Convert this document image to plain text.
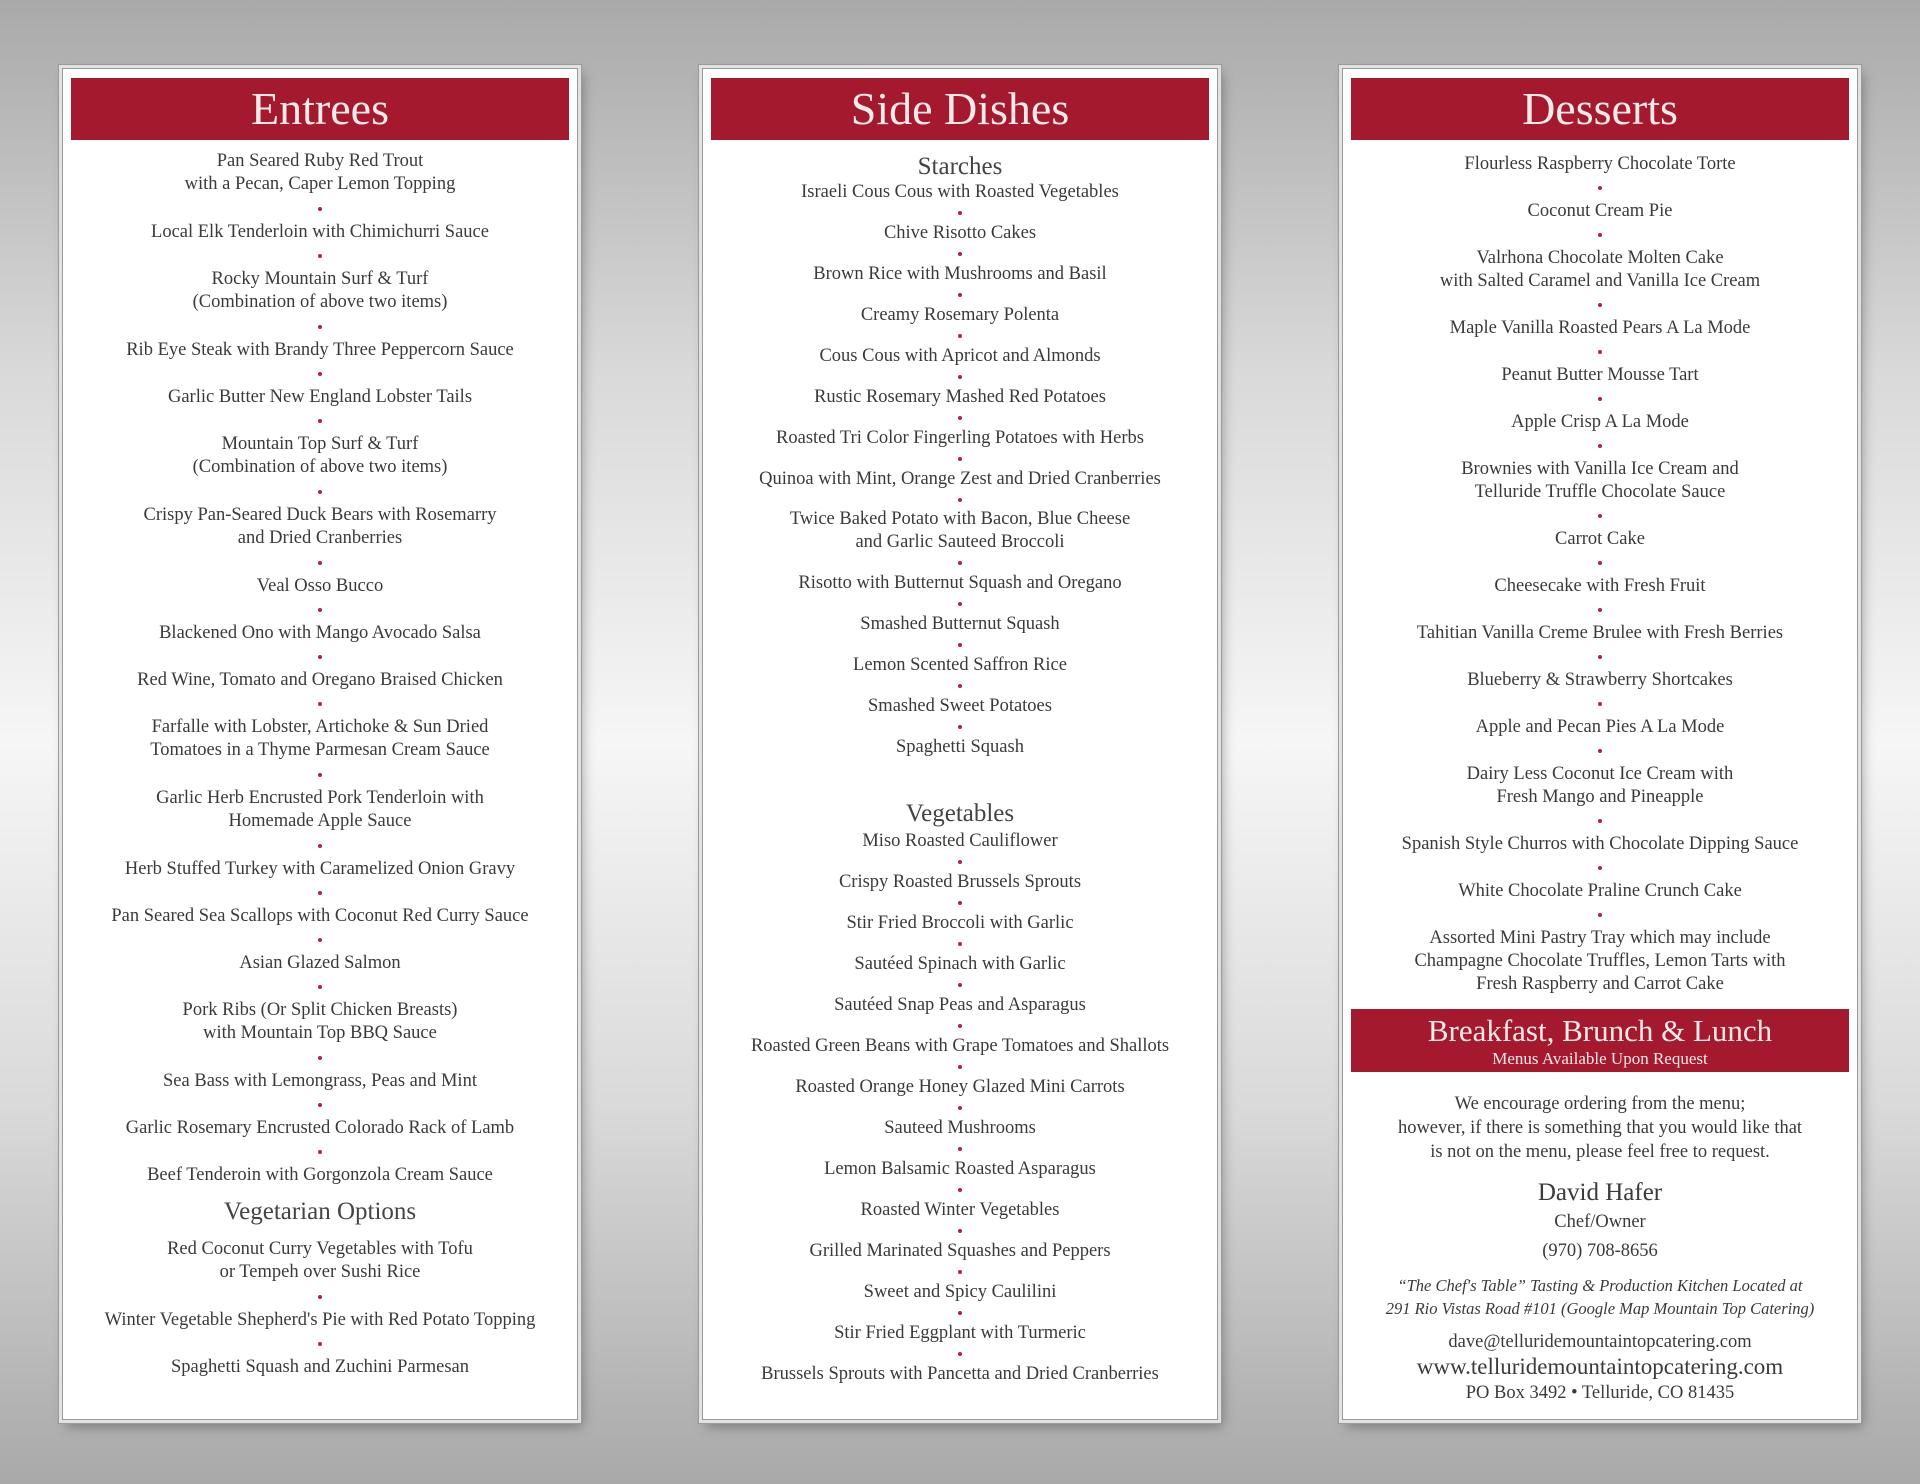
Entrees
Pan Seared Ruby Red Trout
with a Pecan, Caper Lemon Topping
Local Elk Tenderloin with Chimichurri Sauce
Rocky Mountain Surf & Turf
(Combination of above two items)
Rib Eye Steak with Brandy Three Peppercorn Sauce
Garlic Butter New England Lobster Tails
Mountain Top Surf & Turf
(Combination of above two items)
Crispy Pan-Seared Duck Bears with Rosemarry
and Dried Cranberries
Veal Osso Bucco
Blackened Ono with Mango Avocado Salsa
Red Wine, Tomato and Oregano Braised Chicken
Farfalle with Lobster, Artichoke & Sun Dried
Tomatoes in a Thyme Parmesan Cream Sauce
Garlic Herb Encrusted Pork Tenderloin with
Homemade Apple Sauce
Herb Stuffed Turkey with Caramelized Onion Gravy
Pan Seared Sea Scallops with Coconut Red Curry Sauce
Asian Glazed Salmon
Pork Ribs (Or Split Chicken Breasts)
with Mountain Top BBQ Sauce
Sea Bass with Lemongrass, Peas and Mint
Garlic Rosemary Encrusted Colorado Rack of Lamb
Beef Tenderoin with Gorgonzola Cream Sauce
Vegetarian Options
Red Coconut Curry Vegetables with Tofu
or Tempeh over Sushi Rice
Winter Vegetable Shepherd's Pie with Red Potato Topping
Spaghetti Squash and Zuchini Parmesan
Side Dishes
Starches
Israeli Cous Cous with Roasted Vegetables
Chive Risotto Cakes
Brown Rice with Mushrooms and Basil
Creamy Rosemary Polenta
Cous Cous with Apricot and Almonds
Rustic Rosemary Mashed Red Potatoes
Roasted Tri Color Fingerling Potatoes with Herbs
Quinoa with Mint, Orange Zest and Dried Cranberries
Twice Baked Potato with Bacon, Blue Cheese
and Garlic Sauteed Broccoli
Risotto with Butternut Squash and Oregano
Smashed Butternut Squash
Lemon Scented Saffron Rice
Smashed Sweet Potatoes
Spaghetti Squash
Vegetables
Miso Roasted Cauliflower
Crispy Roasted Brussels Sprouts
Stir Fried Broccoli with Garlic
Sautéed Spinach with Garlic
Sautéed Snap Peas and Asparagus
Roasted Green Beans with Grape Tomatoes and Shallots
Roasted Orange Honey Glazed Mini Carrots
Sauteed Mushrooms
Lemon Balsamic Roasted Asparagus
Roasted Winter Vegetables
Grilled Marinated Squashes and Peppers
Sweet and Spicy Caulilini
Stir Fried Eggplant with Turmeric
Brussels Sprouts with Pancetta and Dried Cranberries
Desserts
Flourless Raspberry Chocolate Torte
Coconut Cream Pie
Valrhona Chocolate Molten Cake
with Salted Caramel and Vanilla Ice Cream
Maple Vanilla Roasted Pears A La Mode
Peanut Butter Mousse Tart
Apple Crisp A La Mode
Brownies with Vanilla Ice Cream and
Telluride Truffle Chocolate Sauce
Carrot Cake
Cheesecake with Fresh Fruit
Tahitian Vanilla Creme Brulee with Fresh Berries
Blueberry & Strawberry Shortcakes
Apple and Pecan Pies A La Mode
Dairy Less Coconut Ice Cream with
Fresh Mango and Pineapple
Spanish Style Churros with Chocolate Dipping Sauce
White Chocolate Praline Crunch Cake
Assorted Mini Pastry Tray which may include
Champagne Chocolate Truffles, Lemon Tarts with
Fresh Raspberry and Carrot Cake
Breakfast, Brunch & Lunch
Menus Available Upon Request
We encourage ordering from the menu;
however, if there is something that you would like that
is not on the menu, please feel free to request.
David Hafer
Chef/Owner
(970) 708-8656
“The Chef's Table” Tasting & Production Kitchen Located at
291 Rio Vistas Road #101 (Google Map Mountain Top Catering)
dave@telluridemountaintopcatering.com
www.telluridemountaintopcatering.com
PO Box 3492 • Telluride, CO 81435
